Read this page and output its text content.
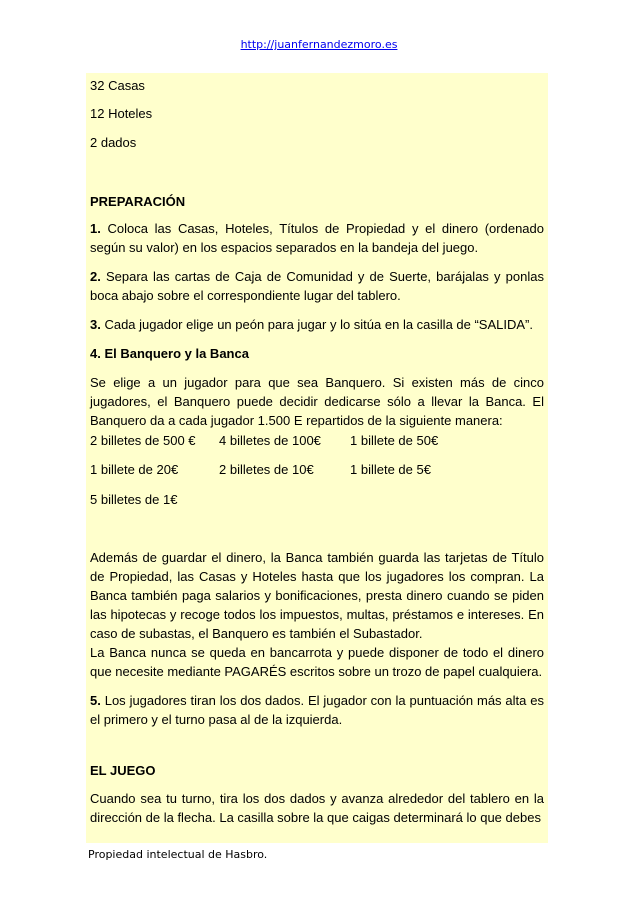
http://juanfernandezmoro.es
32 Casas
12 Hoteles
2 dados
PREPARACIÓN
1. Coloca las Casas, Hoteles, Títulos de Propiedad y el dinero (ordenado según su valor) en los espacios separados en la bandeja del juego.
2. Separa las cartas de Caja de Comunidad y de Suerte, barájalas y ponlas boca abajo sobre el correspondiente lugar del tablero.
3. Cada jugador elige un peón para jugar y lo sitúa en la casilla de “SALIDA”.
4. El Banquero y la Banca
Se elige a un jugador para que sea Banquero. Si existen más de cinco jugadores, el Banquero puede decidir dedicarse sólo a llevar la Banca. El Banquero da a cada jugador 1.500 E repartidos de la siguiente manera:
2 billetes de 500 € 4 billetes de 100€ 1 billete de 50€
1 billete de 20€	2 billetes de 10€	1 billete de 5€
5 billetes de 1€
Además de guardar el dinero, la Banca también guarda las tarjetas de Título de Propiedad, las Casas y Hoteles hasta que los jugadores los compran. La Banca también paga salarios y bonificaciones, presta dinero cuando se piden las hipotecas y recoge todos los impuestos, multas, préstamos e intereses. En caso de subastas, el Banquero es también el Subastador.
La Banca nunca se queda en bancarrota y puede disponer de todo el dinero que necesite mediante PAGARÉS escritos sobre un trozo de papel cualquiera.
5. Los jugadores tiran los dos dados. El jugador con la puntuación más alta es el primero y el turno pasa al de la izquierda.
EL JUEGO
Cuando sea tu turno, tira los dos dados y avanza alrededor del tablero en la dirección de la flecha. La casilla sobre la que caigas determinará lo que debes
Propiedad intelectual de Hasbro.
